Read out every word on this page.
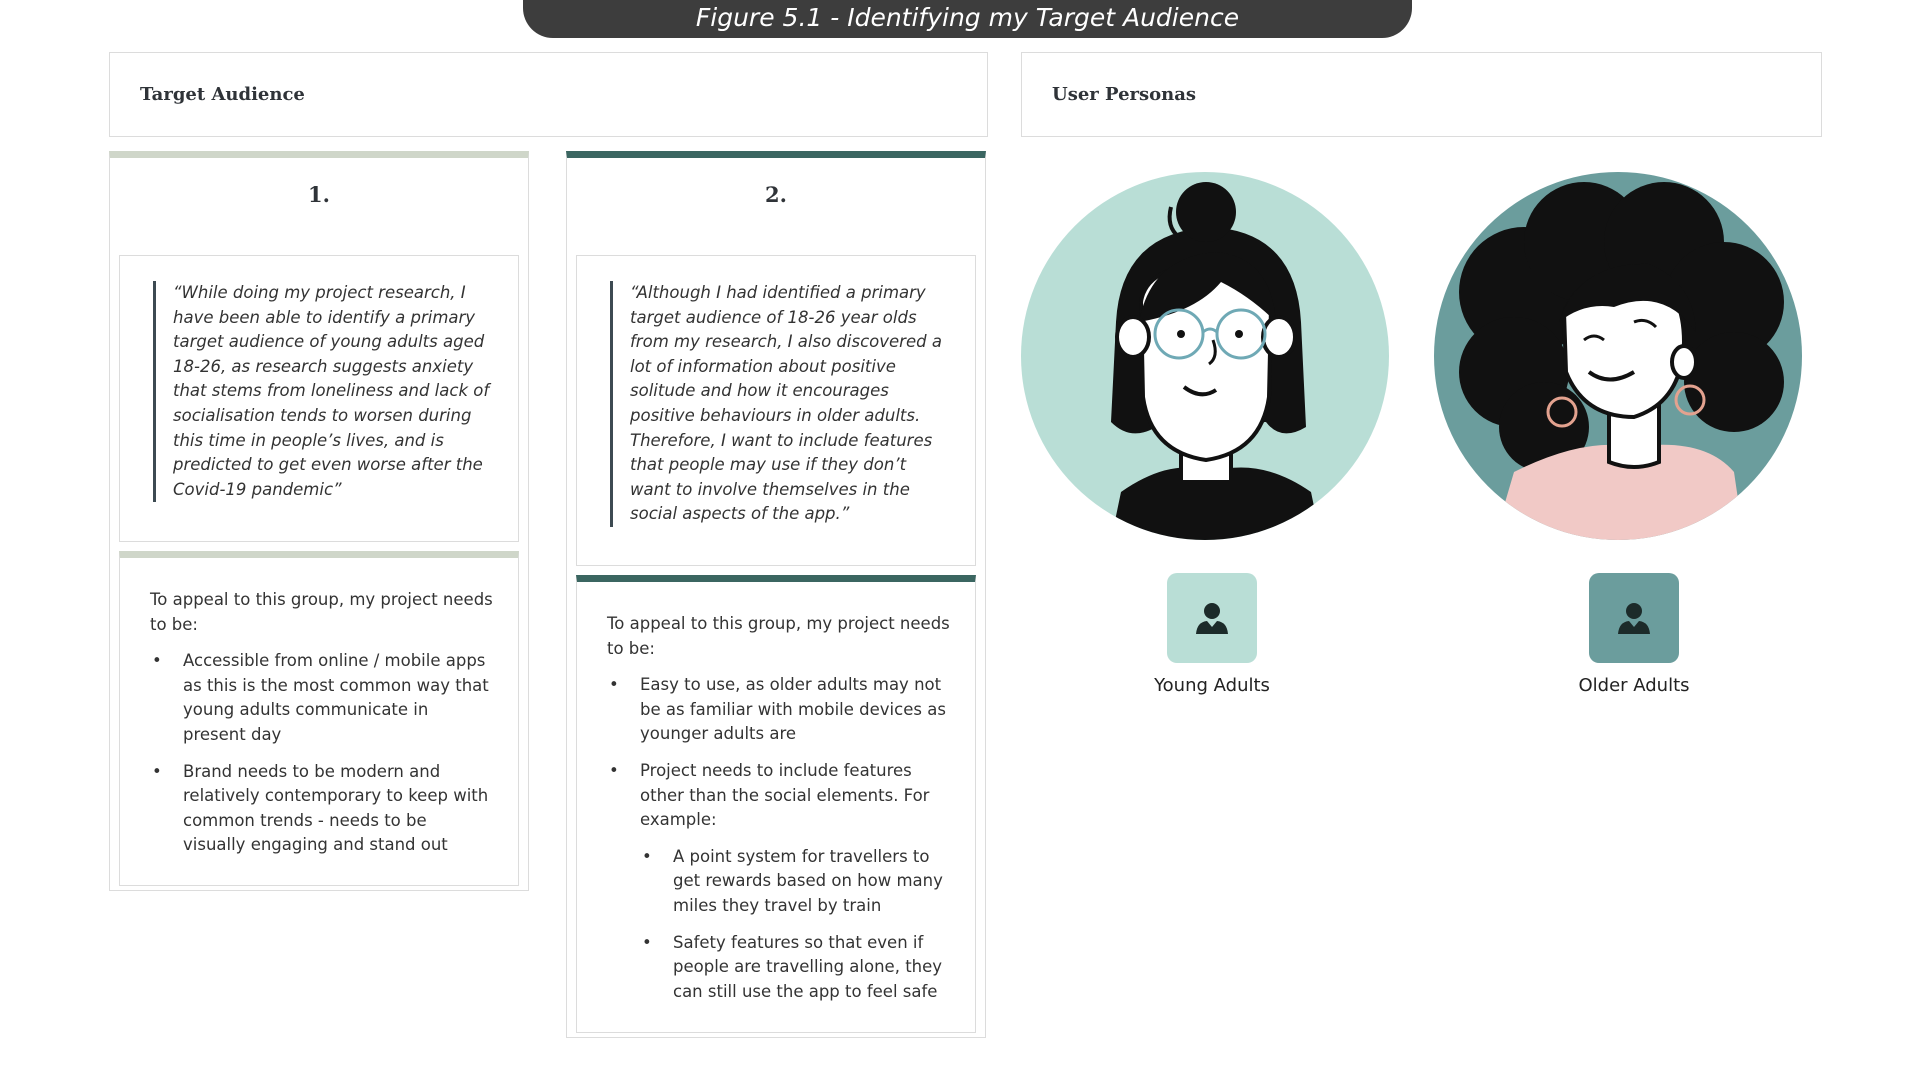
Figure 5.1 - Identifying my Target Audience
Target Audience	User Personas
1.
“While doing my project research, I have been able to identify a primary target audience of young adults aged 18-26, as research suggests anxiety that stems from loneliness and lack of socialisation tends to worsen during this time in people’s lives, and is predicted to get even worse after the Covid-19 pandemic”

To appeal to this group, my project needs to be:

• Accessible from online / mobile apps as this is the most common way that young adults communicate in present day
• Brand needs to be modern and relatively contemporary to keep with common trends - needs to be visually engaging and stand out
2.
“Although I had identified a primary target audience of 18-26 year olds from my research, I also discovered a lot of information about positive solitude and how it encourages positive behaviours in older adults. Therefore, I want to include features that people may use if they don’t want to involve themselves in the social aspects of the app.”

To appeal to this group, my project needs to be:

• Easy to use, as older adults may not be as familiar with mobile devices as younger adults are
• Project needs to include features other than the social elements. For example:
• A point system for travellers to get rewards based on how many miles they travel by train
• Safety features so that even if people are travelling alone, they can still use the app to feel safe
Young Adults	Older Adults
